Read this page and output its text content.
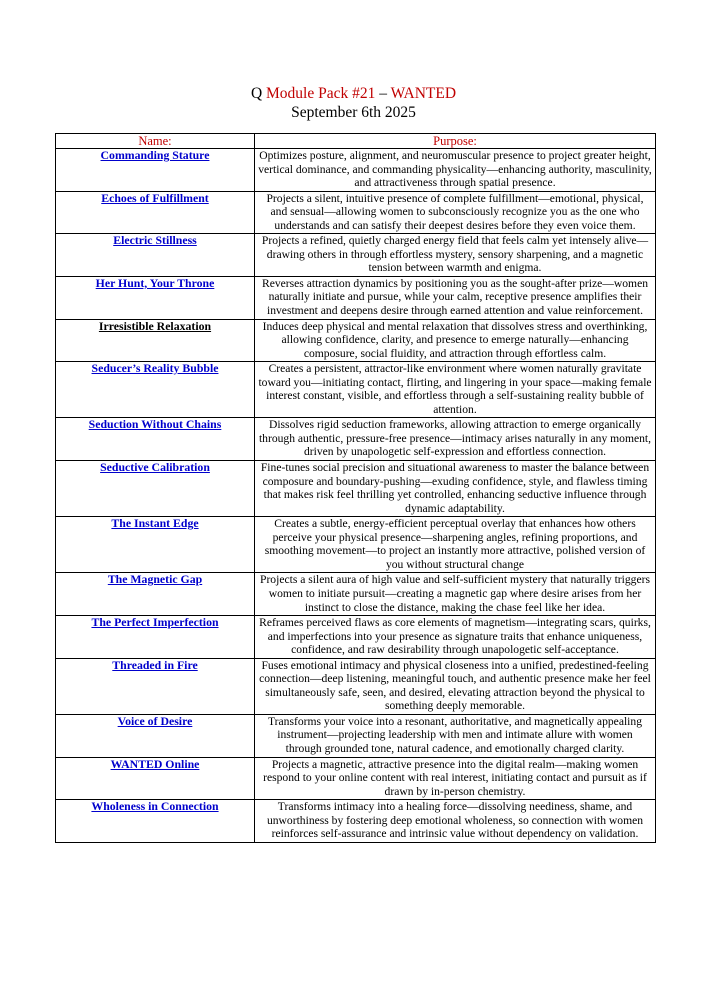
Q Module Pack #21 – WANTED
September 6th 2025
Name:	Purpose:
Commanding Stature	Optimizes posture, alignment, and neuromuscular presence to project greater height, vertical dominance, and commanding physicality—enhancing authority, masculinity, and attractiveness through spatial presence.
Echoes of Fulfillment	Projects a silent, intuitive presence of complete fulfillment—emotional, physical, and sensual—allowing women to subconsciously recognize you as the one who understands and can satisfy their deepest desires before they even voice them.
Electric Stillness	Projects a refined, quietly charged energy field that feels calm yet intensely alive—drawing others in through effortless mystery, sensory sharpening, and a magnetic tension between warmth and enigma.
Her Hunt, Your Throne	Reverses attraction dynamics by positioning you as the sought-after prize—women naturally initiate and pursue, while your calm, receptive presence amplifies their investment and deepens desire through earned attention and value reinforcement.
Irresistible Relaxation	Induces deep physical and mental relaxation that dissolves stress and overthinking, allowing confidence, clarity, and presence to emerge naturally—enhancing composure, social fluidity, and attraction through effortless calm.
Seducer’s Reality Bubble	Creates a persistent, attractor-like environment where women naturally gravitate toward you—initiating contact, flirting, and lingering in your space—making female interest constant, visible, and effortless through a self-sustaining reality bubble of attention.
Seduction Without Chains	Dissolves rigid seduction frameworks, allowing attraction to emerge organically through authentic, pressure-free presence—intimacy arises naturally in any moment, driven by unapologetic self-expression and effortless connection.
Seductive Calibration	Fine-tunes social precision and situational awareness to master the balance between composure and boundary-pushing—exuding confidence, style, and flawless timing that makes risk feel thrilling yet controlled, enhancing seductive influence through dynamic adaptability.
The Instant Edge	Creates a subtle, energy-efficient perceptual overlay that enhances how others perceive your physical presence—sharpening angles, refining proportions, and smoothing movement—to project an instantly more attractive, polished version of you without structural change
The Magnetic Gap	Projects a silent aura of high value and self-sufficient mystery that naturally triggers women to initiate pursuit—creating a magnetic gap where desire arises from her instinct to close the distance, making the chase feel like her idea.
The Perfect Imperfection	Reframes perceived flaws as core elements of magnetism—integrating scars, quirks, and imperfections into your presence as signature traits that enhance uniqueness, confidence, and raw desirability through unapologetic self-acceptance.
Threaded in Fire	Fuses emotional intimacy and physical closeness into a unified, predestined-feeling connection—deep listening, meaningful touch, and authentic presence make her feel simultaneously safe, seen, and desired, elevating attraction beyond the physical to something deeply memorable.
Voice of Desire	Transforms your voice into a resonant, authoritative, and magnetically appealing instrument—projecting leadership with men and intimate allure with women through grounded tone, natural cadence, and emotionally charged clarity.
WANTED Online	Projects a magnetic, attractive presence into the digital realm—making women respond to your online content with real interest, initiating contact and pursuit as if drawn by in-person chemistry.
Wholeness in Connection	Transforms intimacy into a healing force—dissolving neediness, shame, and unworthiness by fostering deep emotional wholeness, so connection with women reinforces self-assurance and intrinsic value without dependency on validation.
